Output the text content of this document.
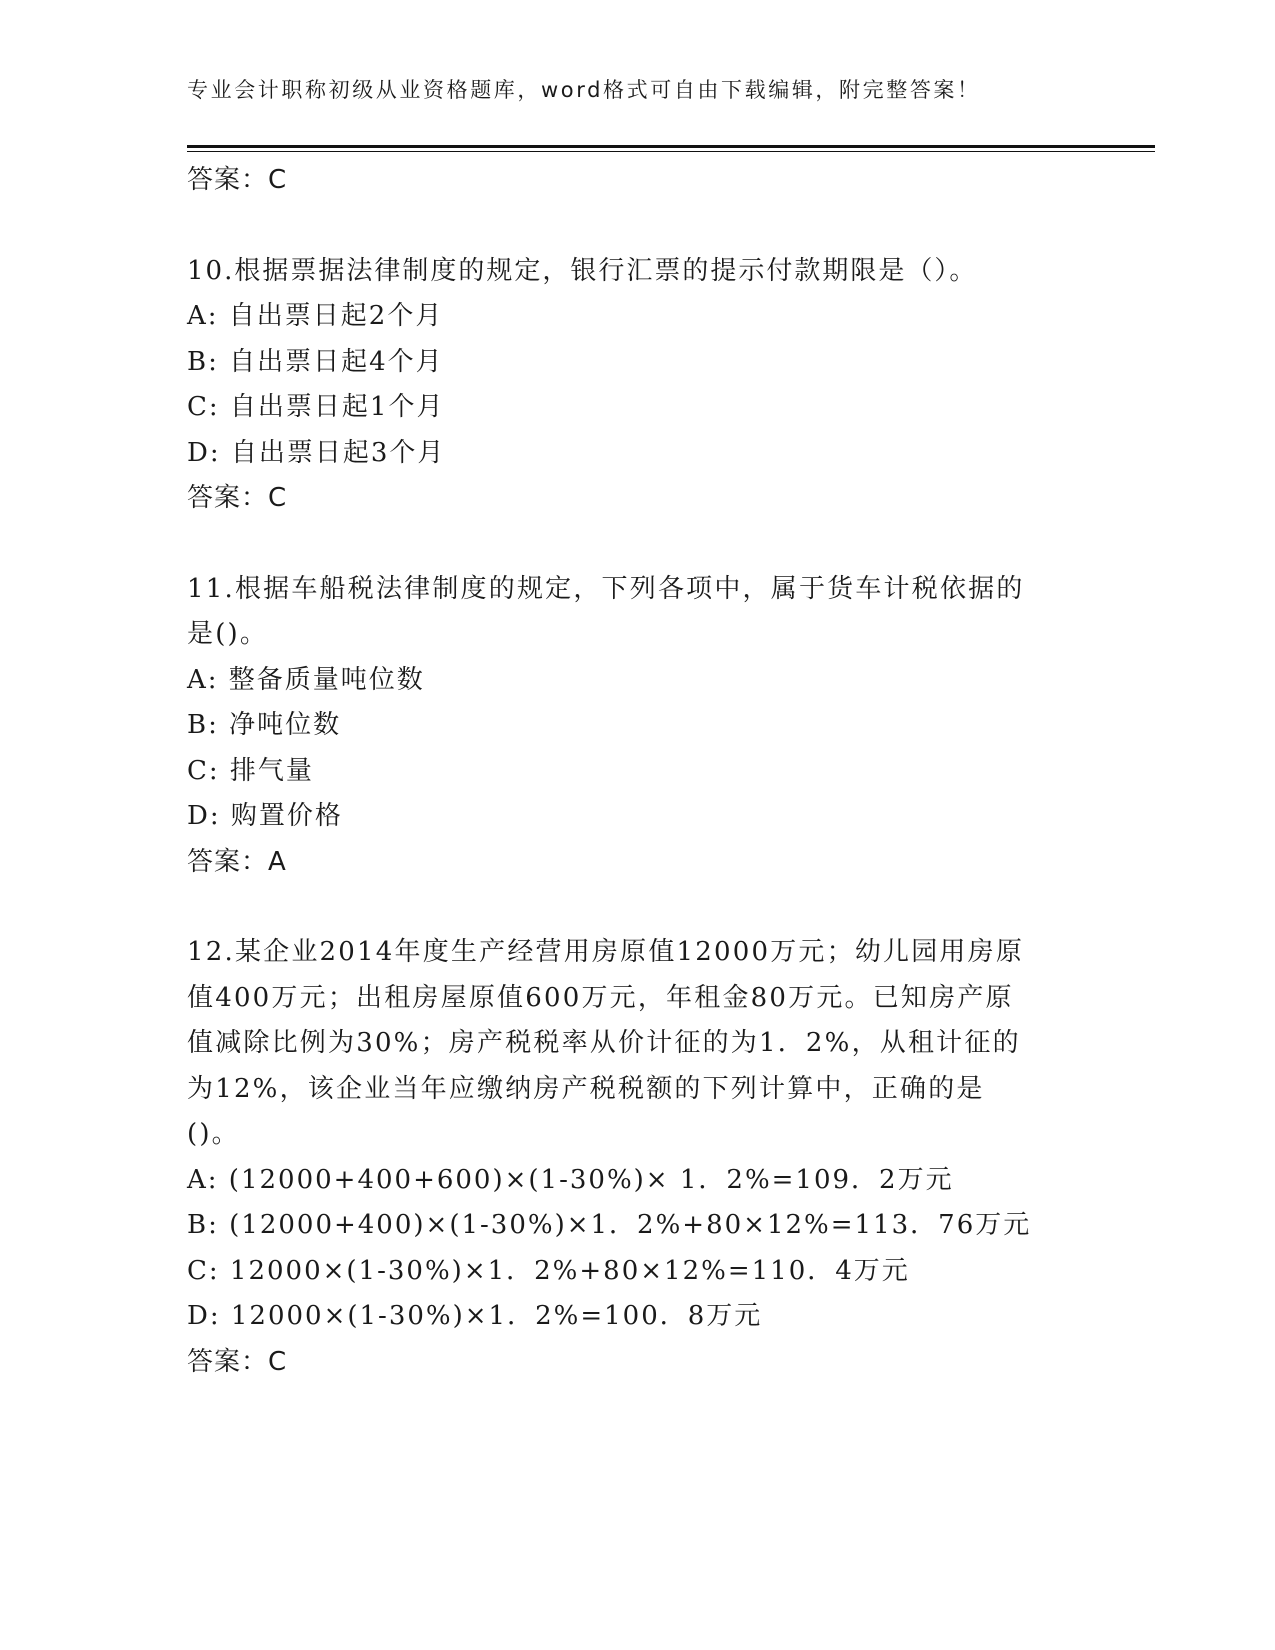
专业会计职称初级从业资格题库，word格式可自由下载编辑，附完整答案！
答案：C
10.根据票据法律制度的规定，银行汇票的提示付款期限是（）。
A: 自出票日起2个月
B: 自出票日起4个月
C: 自出票日起1个月
D: 自出票日起3个月
答案：C
11.根据车船税法律制度的规定，下列各项中，属于货车计税依据的是()。
A: 整备质量吨位数
B: 净吨位数
C: 排气量
D: 购置价格
答案：A
12.某企业2014年度生产经营用房原值12000万元；幼儿园用房原值400万元；出租房屋原值600万元，年租金80万元。已知房产原值减除比例为30%；房产税税率从价计征的为1．2%，从租计征的为12%，该企业当年应缴纳房产税税额的下列计算中，正确的是()。
A: (12000+400+600)×(1-30%)× 1．2%=109．2万元
B: (12000+400)×(1-30%)×1．2%+80×12%=113．76万元
C: 12000×(1-30%)×1．2%+80×12%=110．4万元
D: 12000×(1-30%)×1．2%=100．8万元
答案：C
